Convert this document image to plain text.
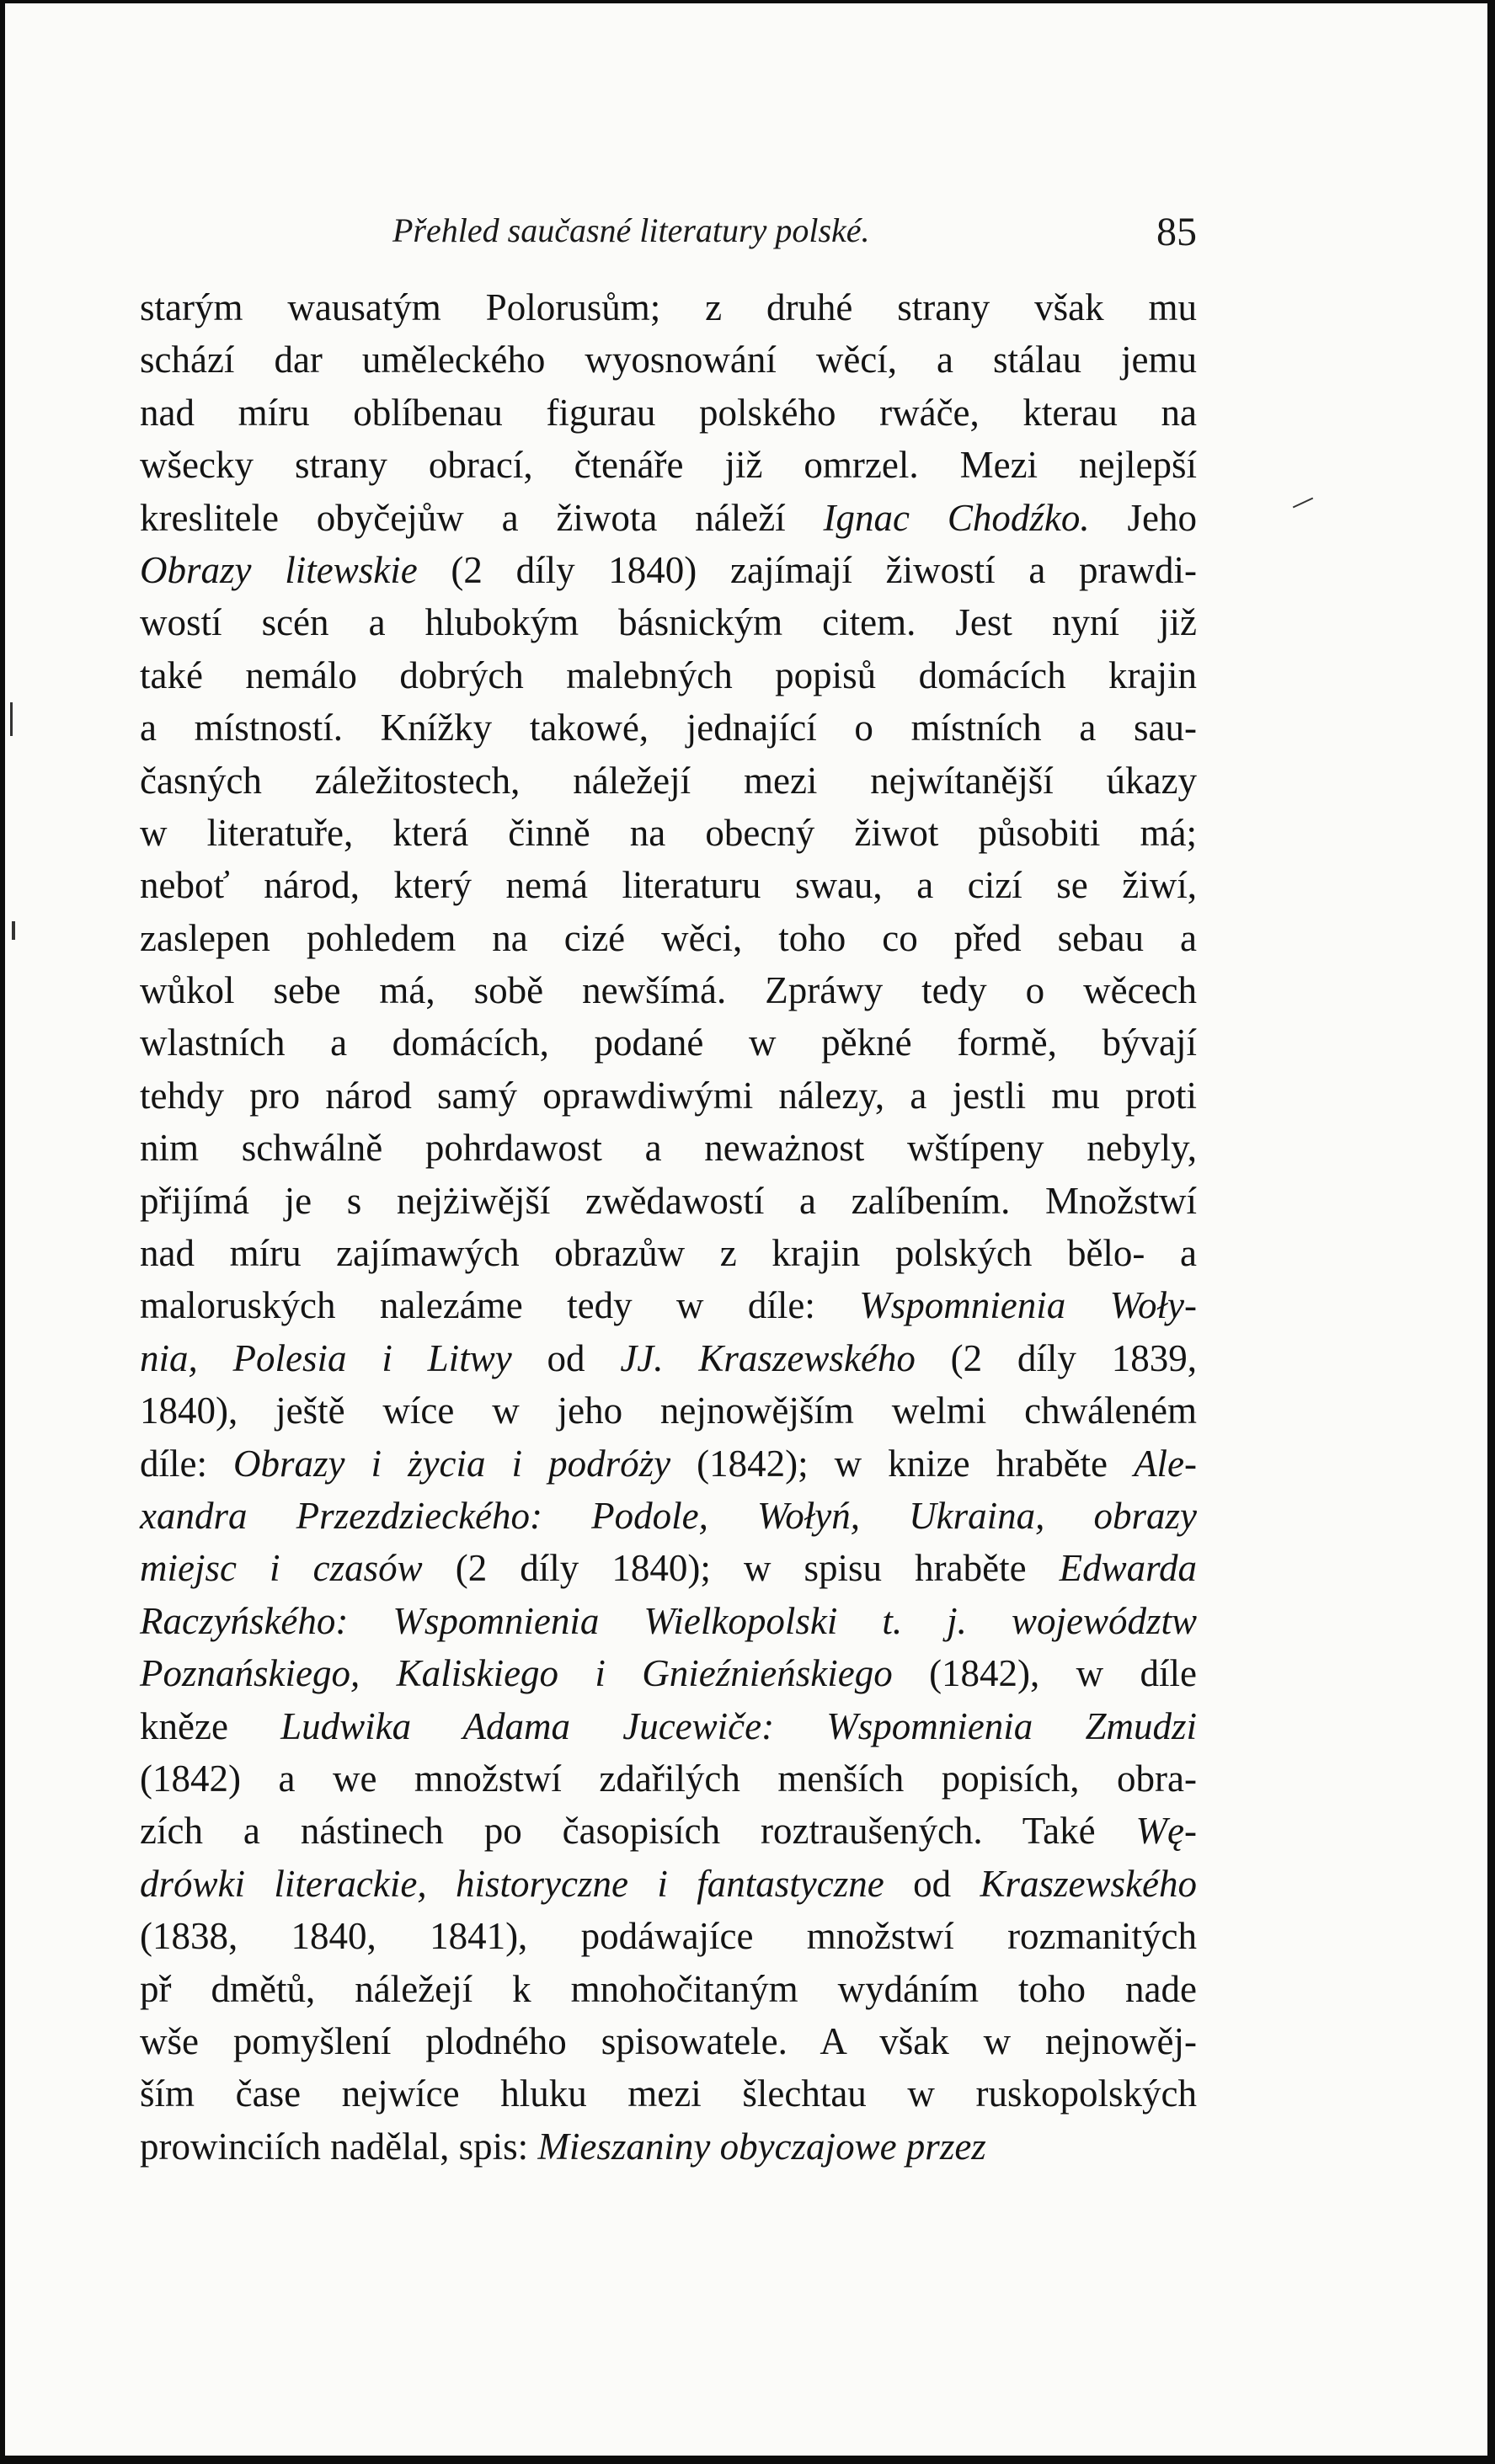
Přehled saučasné literatury polské.	85
starým wausatým Polorusům; z druhé strany však mu
schází dar uměleckého wyosnowání wěcí, a stálau jemu
nad míru oblíbenau figurau polského rwáče, kterau na
wšecky strany obrací, čtenáře již omrzel. Mezi nejlepší
kreslitele obyčejůw a žiwota náleží Ignac Chodźko. Jeho
Obrazy litewskie (2 díly 1840) zajímají žiwostí a prawdi-
wostí scén a hlubokým básnickým citem. Jest nyní již
také nemálo dobrých malebných popisů domácích krajin
a místností. Knížky takowé, jednající o místních a sau-
časných záležitostech, náležejí mezi nejwítanější úkazy
w literatuře, která činně na obecný žiwot působiti má;
neboť národ, který nemá literaturu swau, a cizí se žiwí,
zaslepen pohledem na cizé wěci, toho co před sebau a
wůkol sebe má, sobě newšímá. Zpráwy tedy o wěcech
wlastních a domácích, podané w pěkné formě, bývají
tehdy pro národ samý oprawdiwými nálezy, a jestli mu proti
nim schwálně pohrdawost a neważnost wštípeny nebyly,
přijímá je s nejżiwější zwědawostí a zalíbením. Množstwí
nad míru zajímawých obrazůw z krajin polských bělo- a
maloruských nalezáme tedy w díle: Wspomnienia Woły-
nia, Polesia i Litwy od JJ. Kraszewského (2 díly 1839,
1840), ještě wíce w jeho nejnowějším welmi chwáleném
díle: Obrazy i życia i podróży (1842); w knize hraběte Ale-
xandra Przezdzieckého: Podole, Wołyń, Ukraina, obrazy
miejsc i czasów (2 díly 1840); w spisu hraběte Edwarda
Raczyńského: Wspomnienia Wielkopolski t. j. województw
Poznańskiego, Kaliskiego i Gnieźnieńskiego (1842), w díle
kněze Ludwika Adama Jucewiče: Wspomnienia Zmudzi
(1842) a we množstwí zdařilých menších popisích, obra-
zích a nástinech po časopisích roztraušených. Také Wę-
drówki literackie, historyczne i fantastyczne od Kraszewského
(1838, 1840, 1841), podáwajíce množstwí rozmanitých
př dmětů, náležejí k mnohočitaným wydáním toho nade
wše pomyšlení plodného spisowatele. A však w nejnowěj-
ším čase nejwíce hluku mezi šlechtau w ruskopolských
prowinciích nadělal, spis: Mieszaniny obyczajowe przez
